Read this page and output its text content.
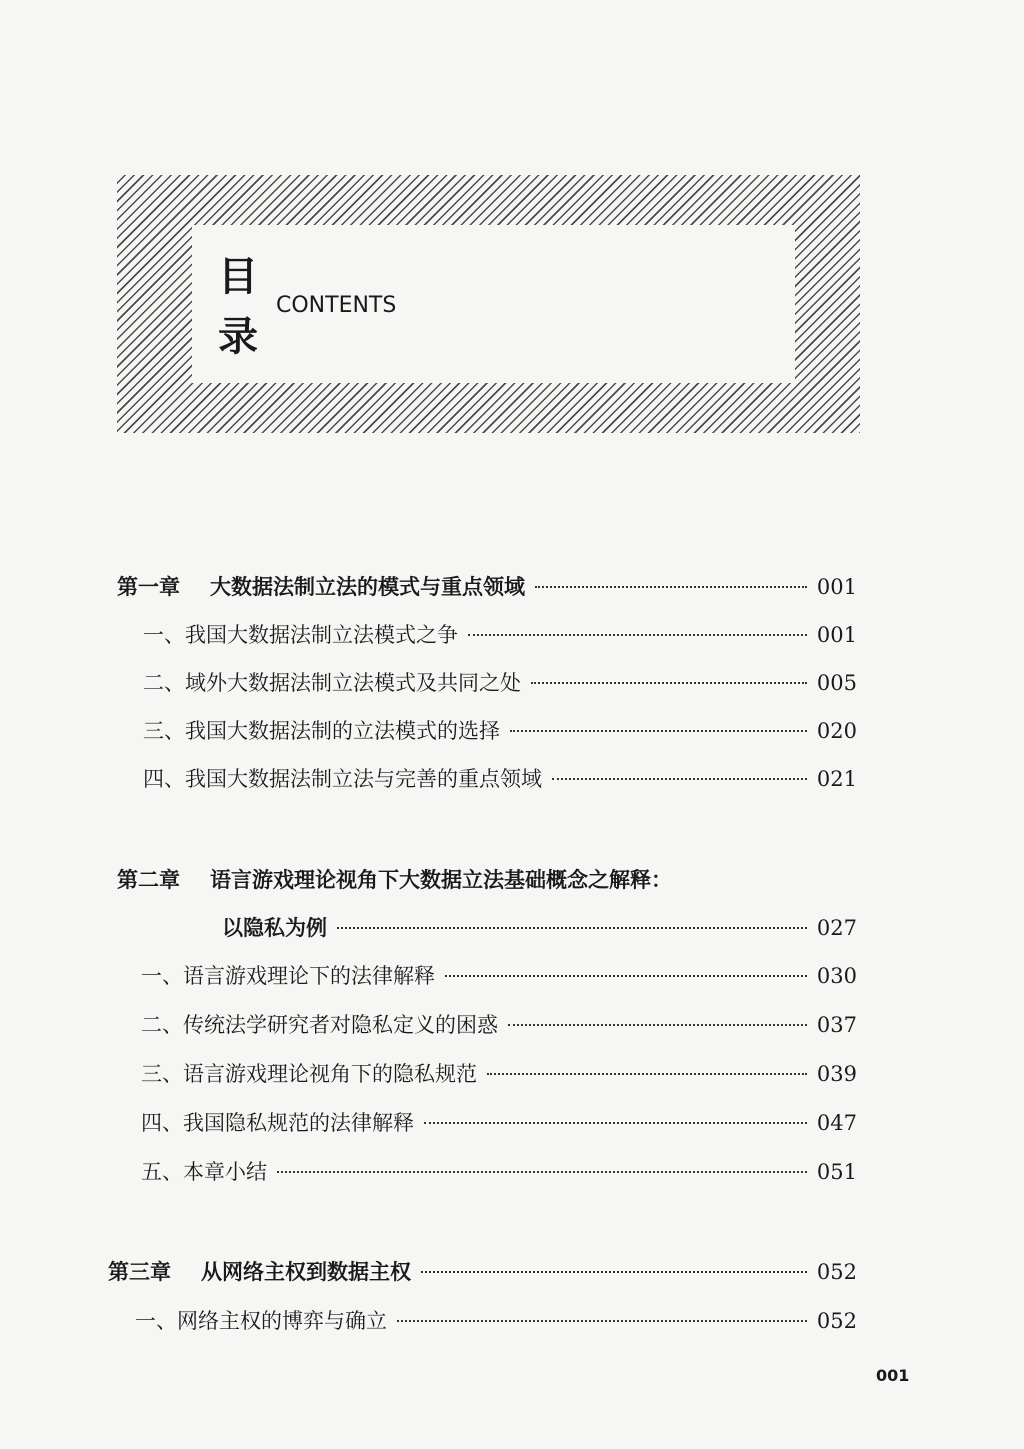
目
录
CONTENTS
第一章 大数据法制立法的模式与重点领域	001
一、我国大数据法制立法模式之争	001
二、域外大数据法制立法模式及共同之处	005
三、我国大数据法制的立法模式的选择	020
四、我国大数据法制立法与完善的重点领域	021
第二章 语言游戏理论视角下大数据立法基础概念之解释：
以隐私为例	027
一、语言游戏理论下的法律解释	030
二、传统法学研究者对隐私定义的困惑	037
三、语言游戏理论视角下的隐私规范	039
四、我国隐私规范的法律解释	047
五、本章小结	051
第三章 从网络主权到数据主权	052
一、网络主权的博弈与确立	052
001
